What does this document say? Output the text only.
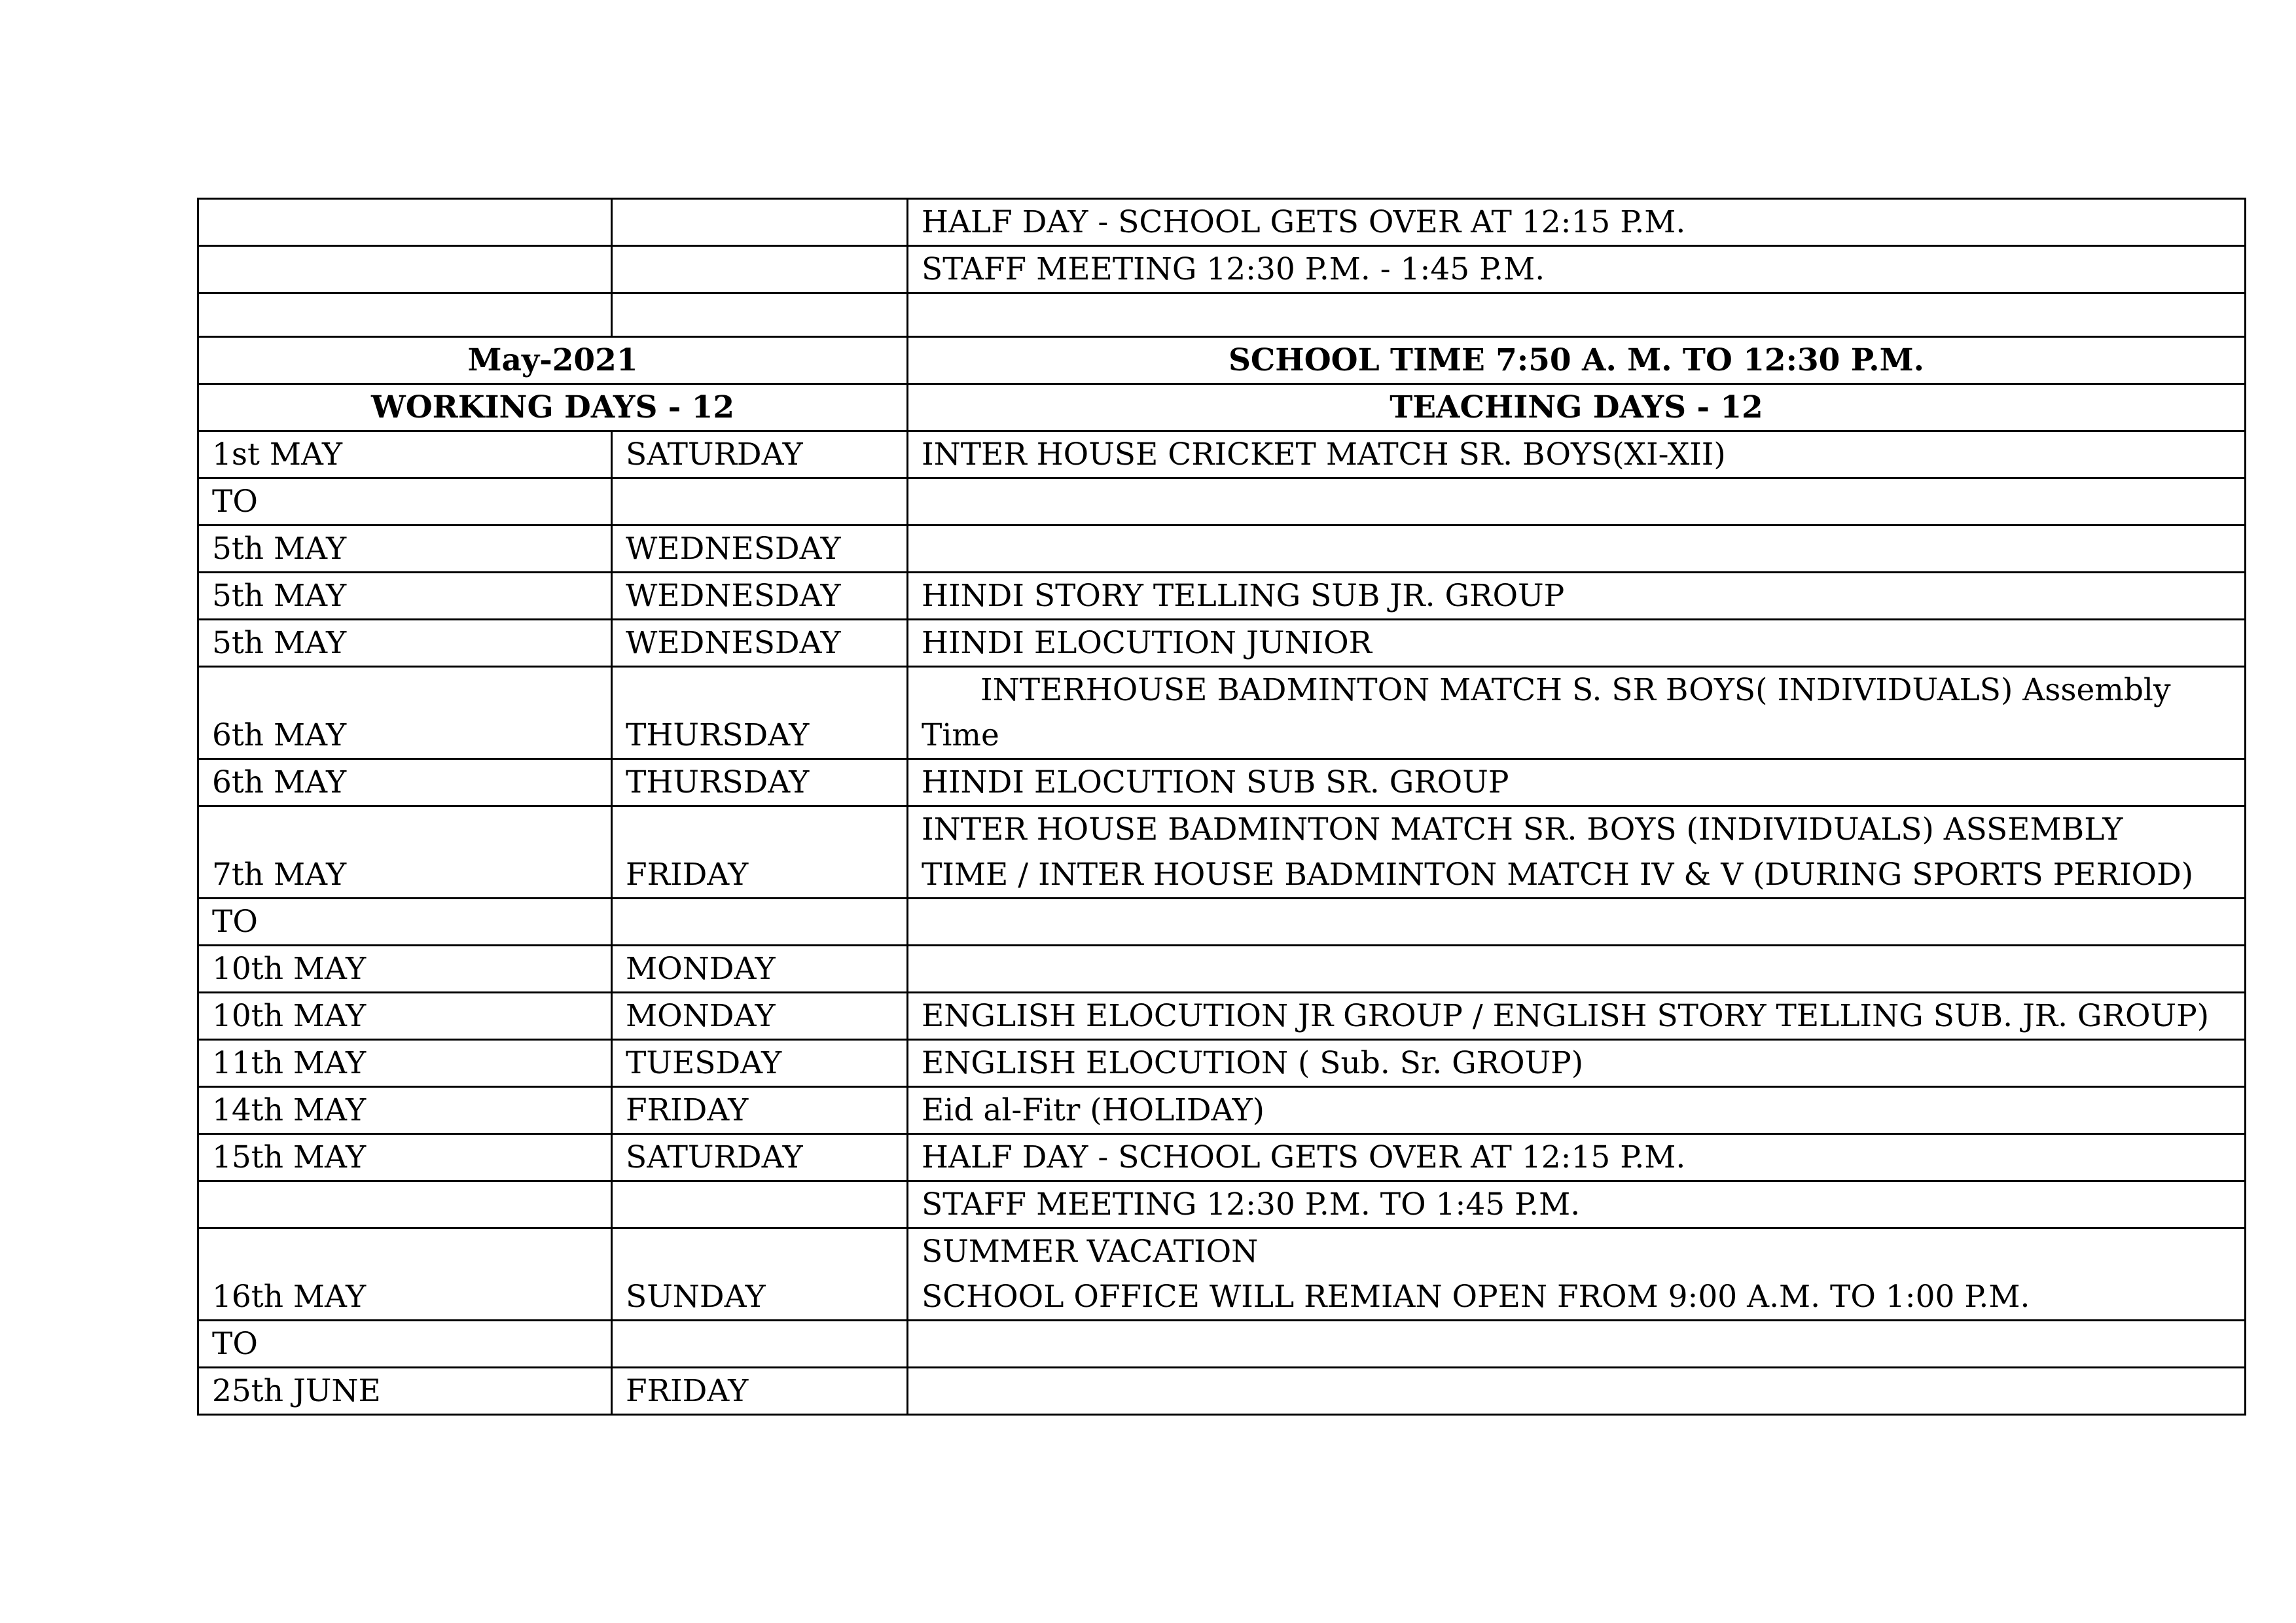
		HALF DAY - SCHOOL GETS OVER AT 12:15 P.M.
		STAFF MEETING 12:30 P.M. - 1:45 P.M.

May-2021		SCHOOL TIME 7:50 A. M. TO 12:30 P.M.
WORKING DAYS - 12		TEACHING DAYS - 12
1st MAY	SATURDAY	INTER HOUSE CRICKET MATCH SR. BOYS(XI-XII)
TO		
5th MAY	WEDNESDAY	
5th MAY	WEDNESDAY	HINDI STORY TELLING SUB JR. GROUP
5th MAY	WEDNESDAY	HINDI ELOCUTION JUNIOR
6th MAY	THURSDAY	INTERHOUSE BADMINTON MATCH S. SR BOYS( INDIVIDUALS) Assembly
Time

6th MAY	THURSDAY	HINDI ELOCUTION SUB SR. GROUP
7th MAY	FRIDAY	INTER HOUSE BADMINTON MATCH SR. BOYS (INDIVIDUALS) ASSEMBLY
TIME / INTER HOUSE BADMINTON MATCH IV & V (DURING SPORTS PERIOD)

TO		
10th MAY	MONDAY	
10th MAY	MONDAY	ENGLISH ELOCUTION JR GROUP / ENGLISH STORY TELLING SUB. JR. GROUP)
11th MAY	TUESDAY	ENGLISH ELOCUTION ( Sub. Sr. GROUP)
14th MAY	FRIDAY	Eid al-Fitr (HOLIDAY)
15th MAY	SATURDAY	HALF DAY - SCHOOL GETS OVER AT 12:15 P.M.
		STAFF MEETING 12:30 P.M. TO 1:45 P.M.
16th MAY	SUNDAY	SUMMER VACATION
SCHOOL OFFICE WILL REMIAN OPEN FROM 9:00 A.M. TO 1:00 P.M.

TO		
25th JUNE	FRIDAY	
